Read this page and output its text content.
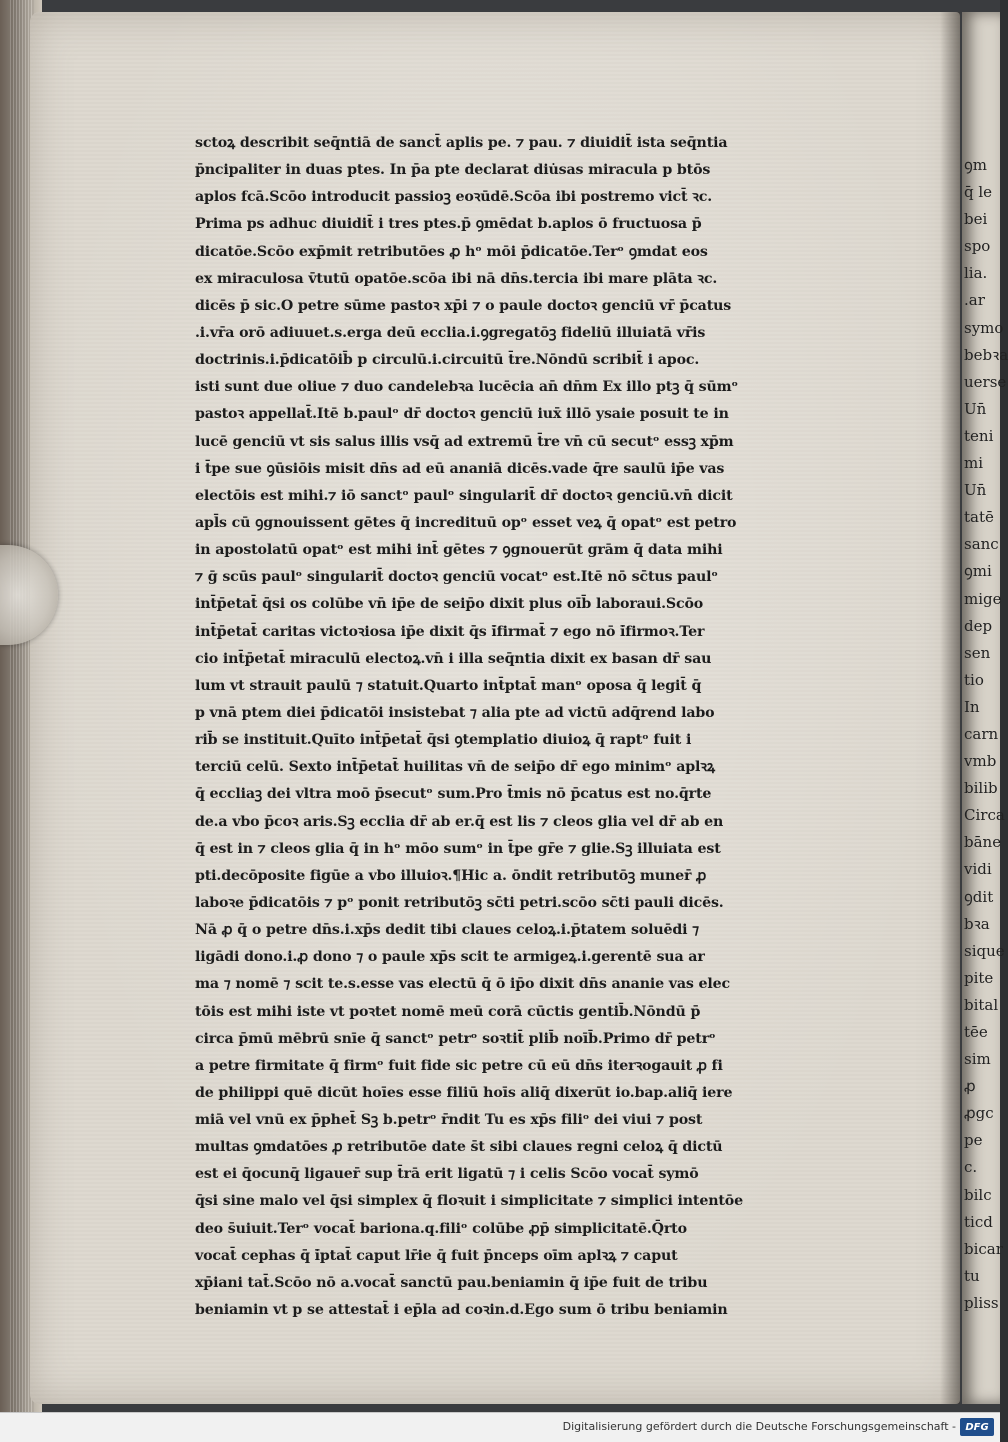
sctoꝝ describit seq̄ntiā de sanct̄ aplis pe. ⁊ pau. ⁊ diuidit̄ ista seq̄ntia
p̄ncipaliter in duas ptes. In p̄a pte declarat diu̇sas miracula p btōs
aplos fcā.Scōo introducit passioꝫ eoꝛūdē.Scōa ibi postremo vict̄ ꝛc.
Prima ps adhuc diuidit̄ i tres ptes.p̄ ꝯmēdat b.aplos ō fructuosa p̄
dicatōe.Scōo exp̄mit retributōes ꝓ hᵒ mōi p̄dicatōe.Terᵒ ꝯmdat eos
ex miraculosa v̄tutū opatōe.scōa ibi nā dn̄s.tercia ibi mare plāta ꝛc.
dicēs p̄ sic.O petre sūme pastoꝛ xp̄i ⁊ o paule doctoꝛ genciū vr̄ p̄catus
.i.vr̄a orō adiuuet.s.erga deū ecclia.i.ꝯgregatōꝫ fideliū illuiatā vr̄is
doctrinis.i.p̄dicatōib̄ p circulū.i.circuitū t̄re.Nōndū scribit̄ i apoc.
isti sunt due oliue ⁊ duo candelebꝛa lucēcia an̄ dn̄m Ex illo ptꝫ q̄ sūmᵒ
pastoꝛ appellat̄.Itē b.paulᵒ dr̄ doctoꝛ genciū iux̄ illō ysaie posuit te in
lucē genciū vt sis salus illis vsq̄ ad extremū t̄re vn̄ cū secutᵒ essꝫ xp̄m
i t̄pe sue ꝯūsiōis misit dn̄s ad eū ananiā dicēs.vade q̄re saulū ip̄e vas
electōis est mihi.⁊ iō sanctᵒ paulᵒ singularit̄ dr̄ doctoꝛ genciū.vn̄ dicit
apl̄s cū ꝯgnouissent gētes q̄ incredituū opᵒ esset veꝝ q̄ opatᵒ est petro
in apostolatū opatᵒ est mihi int̄ gētes ⁊ ꝯgnouerūt grām q̄ data mihi
⁊ ḡ scūs paulᵒ singularit̄ doctoꝛ genciū vocatᵒ est.Itē nō sc̄tus paulᵒ
int̄p̄etat̄ q̄si os colūbe vn̄ ip̄e de seip̄o dixit plus oīb̄ laboraui.Scōo
int̄p̄etat̄ caritas victoꝛiosa ip̄e dixit q̄s i̇̄firmat̄ ⁊ ego nō i̇̄firmoꝛ.Ter
cio int̄p̄etat̄ miraculū electoꝝ.vn̄ i illa seq̄ntia dixit ex basan dr̄ sau
lum vt strauit paulū ⁊ statuit.Quarto int̄ptat̄ manᵒ oposa q̄ legit̄ q̄
p vnā ptem diei p̄dicatōi insistebat ⁊ alia pte ad victū adq̄rend labo
rib̄ se instituit.Quīto int̄p̄etat̄ q̄si ꝯtemplatio diuioꝝ q̄ raptᵒ fuit i
terciū celū. Sexto int̄p̄etat̄ huilitas vn̄ de seip̄o dr̄ ego minimᵒ aplꝛꝝ
q̄ eccliaꝫ dei vltra moō p̄secutᵒ sum.Pro t̄mis nō p̄catus est no.q̄rte
de.a vbo p̄coꝛ aris.Sꝫ ecclia dr̄ ab er.q̄ est lis ⁊ cleos glia vel dr̄ ab en
q̄ est in ⁊ cleos glia q̄ in hᵒ mōo sumᵒ in t̄pe gr̄e ⁊ glie.Sꝫ illuiata est
pti.decōposite figūe a vbo illuioꝛ.¶Hic a. ōndit retributōꝫ muner̄ ꝓ
laboꝛe p̄dicatōis ⁊ pᵒ ponit retributōꝫ sc̄ti petri.scōo sc̄ti pauli dicēs.
Nā ꝓ q̄ o petre dn̄s.i.xp̄s dedit tibi claues celoꝝ.i.p̄tatem soluēdi ⁊
ligādi dono.i.ꝓ dono ⁊ o paule xp̄s scit te armigeꝝ.i.gerentē sua ar
ma ⁊ nomē ⁊ scit te.s.esse vas electū q̄ ō ip̄o dixit dn̄s ananie vas elec
tōis est mihi iste vt poꝛtet nomē meū corā cūctis gentib̄.Nōndū p̄
circa p̄mū mēbrū snīe q̄ sanctᵒ petrᵒ soꝛtit̄ plib̄ noīb̄.Primo dr̄ petrᵒ
a petre firmitate q̄ firmᵒ fuit fide sic petre cū eū dn̄s iterꝛogauit ꝓ fi
de philippi quē dicūt hoīes esse filiū hoīs aliq̄ dixerūt io.bap.aliq̄ iere
miā vel vnū ex p̄phet̄ Sꝫ b.petrᵒ r̄ndit Tu es xp̄s filiᵒ dei viui ⁊ post
multas ꝯmdatōes ꝓ retributōe date s̄t sibi claues regni celoꝝ q̄ dictū
est ei q̄ocunq̄ ligauer̄ sup t̄rā erit ligatū ⁊ i celis Scōo vocat̄ symō
q̄si sine malo vel q̄si simplex q̄ floꝛuit i simplicitate ⁊ simplici intentōe
deo s̄uiuit.Terᵒ vocat̄ bariona.q.filiᵒ colūbe ꝓp̄ simplicitatē.Q̄rto
vocat̄ cephas q̄ i̇̄ptat̄ caput lr̄ie q̄ fuit p̄nceps oīm aplꝛꝝ ⁊ caput
xp̄iani tat̄.Scōo nō a.vocat̄ sanctū pau.beniamin q̄ ip̄e fuit de tribu
beniamin vt p se attestat̄ i ep̄la ad coꝛin.d.Ego sum ō tribu beniamin
ꝯm
q̄ le
bei
spo
lia.
.ar
symo
bebꝛa
uerse
Un̄
teni
mi
Un̄
tatē
sanc
ꝯmi
mige
dep
sen
tio
In
carn
vmb
bilib
Circa
bāne
vidi
ꝯdit
bꝛa
sique
pite
bital
tēe
sim
ꝓ
ꝓgc
pe
c.
bilc
ticd
bicar
tu
pliss
Digitalisierung gefördert durch die Deutsche Forschungsgemeinschaft - DFG
